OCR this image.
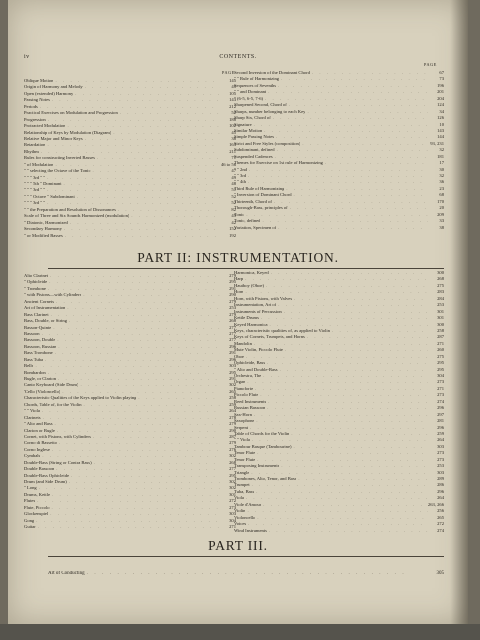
iv	CONTENTS.
PAGE
PAGE
Oblique Motion . . .	145
Origin of Harmony and Melody . . .	45
Open (extended) Harmony . . .	105
Passing Notes . . .	143
Periods . . .	212
Practical Exercises on Modulation and Progression . . .	52
Progression . . .	188
Protracted Modulation . . .	102
Relationship of Keys by Modulation (Diagram) . . .	45
Relative Major and Minor Keys . . .	38
Retardation . . .	163
Rhythm . . .	211
Rules for constructing Inverted Basses . . .	71
" of Modulation . . .	46 to 56
" " selecting the Octave of the Tonic . . .	47
" " " 3rd " " . . .	49
" " " 5th " Dominant . . .	48
" " " 3rd " " . . .	51
" " " Octave " Subdominant . . .	52
" " " 3rd " " . . .	52
" " the Preparation and Resolution of Dissonances . . .	82
Scale of Three and Six Sounds Harmonized (modulation) . . .	45
" Diatonic, Harmonized . . .	42
Secondary Harmony . . .	152
" or Modified Basses . . .	192
Second Inversion of the Dominant Chord . . .	67
" " Rule of Harmonizing . . .	73
Sequences of Sevenths . . .	196
" " and Dominant . . .	201
" (6-5, 6-5, 7-6) . . .	204
Sharpened Second, Chord of . . .	124
Sharps, number belonging to each Key . . .	34
Sharp Six, Chord of . . .	126
Signature . . .	10
Similar Motion . . .	143
Simple Passing Notes . . .	144
Strict and Free Styles (composition) . . .	93, 231
Subdominant, defined . . .	32
Suspended Cadences . . .	181
Themes for Exercise on 1st rule of Harmonizing . . .	17
" " 2nd . . .	30
" " 3rd . . .	32
" " 4th . . .	36
Third Rule of Harmonizing . . .	23
" Inversion of Dominant Chord . . .	68
Thirteenth, Chord of . . .	170
Thorough-Bass, principles of . . .	20
Tonic . . .	209
Tonic, defined . . .	33
Variation, Specimen of . . .	38
PART II: INSTRUMENTATION.
Alto Clarinet . . .	279
" Ophicleide . . .	295
" Trombone . . .	291
" with Pistons—with Cylinders . . .	290
Ancient Cornets . . .	279
Art of Instrumentation . . .	253
Bass Clarinet . . .	279
Bass, Double, or String . . .	268
Basson-Quinte . . .	277
Bassoon . . .	277
Bassoon, Double . . .	277
Bassoon, Russian . . .	296
Bass Trombone . . .	291
Bass Tuba . . .	296
Bells . . .	303
Bombardon . . .	295
Bugle, or Clarion . . .	291
Canto Keyboard (Side Drum) . . .	302
'Cello (Violoncello) . . .	265
Characteristic Qualities of the Keys applied to Violin playing . . .	258
Chords, Table of, for the Violin . . .	259
" " Viola . . .	264
Clarinets . . .	278
" Alto and Bass . . .	279
Clarion or Bugle . . .	290
Cornet, with Pistons, with Cylinders . . .	287
Corno di Bassetto . . .	279
Corno Inglese . . .	276
Cymbals . . .	302
Double-Bass (String or Contra Bass) . . .	268
Double Bassoon . . .	277
Double-Bass Ophicleide . . .	295
Drum (and Side Drum) . . .	302
" Long . . .	302
Drums, Kettle . . .	301
Flutes . . .	272
Flute, Piccolo . . .	273
Glockenspiel . . .	303
Gong . . .	304
Guitar . . .	271
Harmonica, Keyed . . .	300
Harp . . .	268
Hautboy (Oboe) . . .	275
Horn . . .	283
Horn, with Pistons, with Valves . . .	284
Instrumentation, Art of . . .	253
Instruments of Percussion . . .	301
Kettle Drums . . .	301
Keyed Harmonica . . .	300
Keys, characteristic qualities of, as applied to Violin . . .	258
Keys of Cornets, Trumpets, and Horns . . .	287
Mandolin . . .	271
Mute Violin, Piccolo Flute . . .	260
Oboe . . .	275
Ophicleide, Bass . . .	295
" Alto and Double-Bass . . .	295
Orchestra, The . . .	304
Organ . . .	273
Pianoforte . . .	271
Piccolo Flute . . .	273
Reed Instruments . . .	274
Russian Bassoon . . .	296
Sax-Horn . . .	297
Saxophone . . .	281
Serpent . . .	296
Table of Chords for the Violin . . .	259
" " Viola . . .	264
Tambour Basque (Tambourine) . . .	303
Tenor Flute . . .	273
Tenor Flute . . .	273
Transposing Instruments . . .	253
Triangle . . .	303
Trombones, Alto, Tenor, and Bass . . .	289
Trumpet . . .	286
Tuba, Bass . . .	296
Viola . . .	264
Viole d'Amour . . .	263, 266
Violin . . .	256
Violoncello . . .	265
Voices . . .	272
Wind Instruments . . .	274
PART III.
Art of Conducting . . .	305
